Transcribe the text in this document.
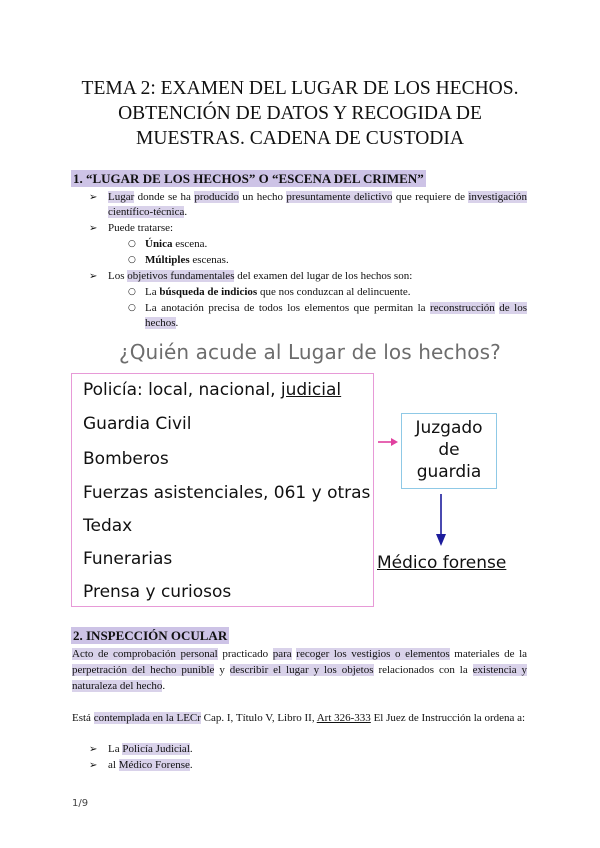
TEMA 2: EXAMEN DEL LUGAR DE LOS HECHOS.
OBTENCIÓN DE DATOS Y RECOGIDA DE
MUESTRAS. CADENA DE CUSTODIA
1. “LUGAR DE LOS HECHOS” O “ESCENA DEL CRIMEN”
➢ Lugar donde se ha producido un hecho presuntamente delictivo que requiere de investigación científico-técnica.
➢ Puede tratarse:
○ Única escena.
○ Múltiples escenas.
➢ Los objetivos fundamentales del examen del lugar de los hechos son:
○ La búsqueda de indicios que nos conduzcan al delincuente.
○ La anotación precisa de todos los elementos que permitan la reconstrucción de los hechos.
¿Quién acude al Lugar de los hechos?
Policía: local, nacional, judicial
Guardia Civil
Bomberos
Fuerzas asistenciales, 061 y otras
Tedax
Funerarias
Prensa y curiosos
Juzgado
de
guardia
Médico forense
2. INSPECCIÓN OCULAR
Acto de comprobación personal practicado para recoger los vestigios o elementos materiales de la perpetración del hecho punible y describir el lugar y los objetos relacionados con la existencia y naturaleza del hecho.
Está contemplada en la LECr Cap. I, Título V, Libro II, Art 326-333 El Juez de Instrucción la ordena a:
➢ La Policía Judicial.
➢ al Médico Forense.
1/9
